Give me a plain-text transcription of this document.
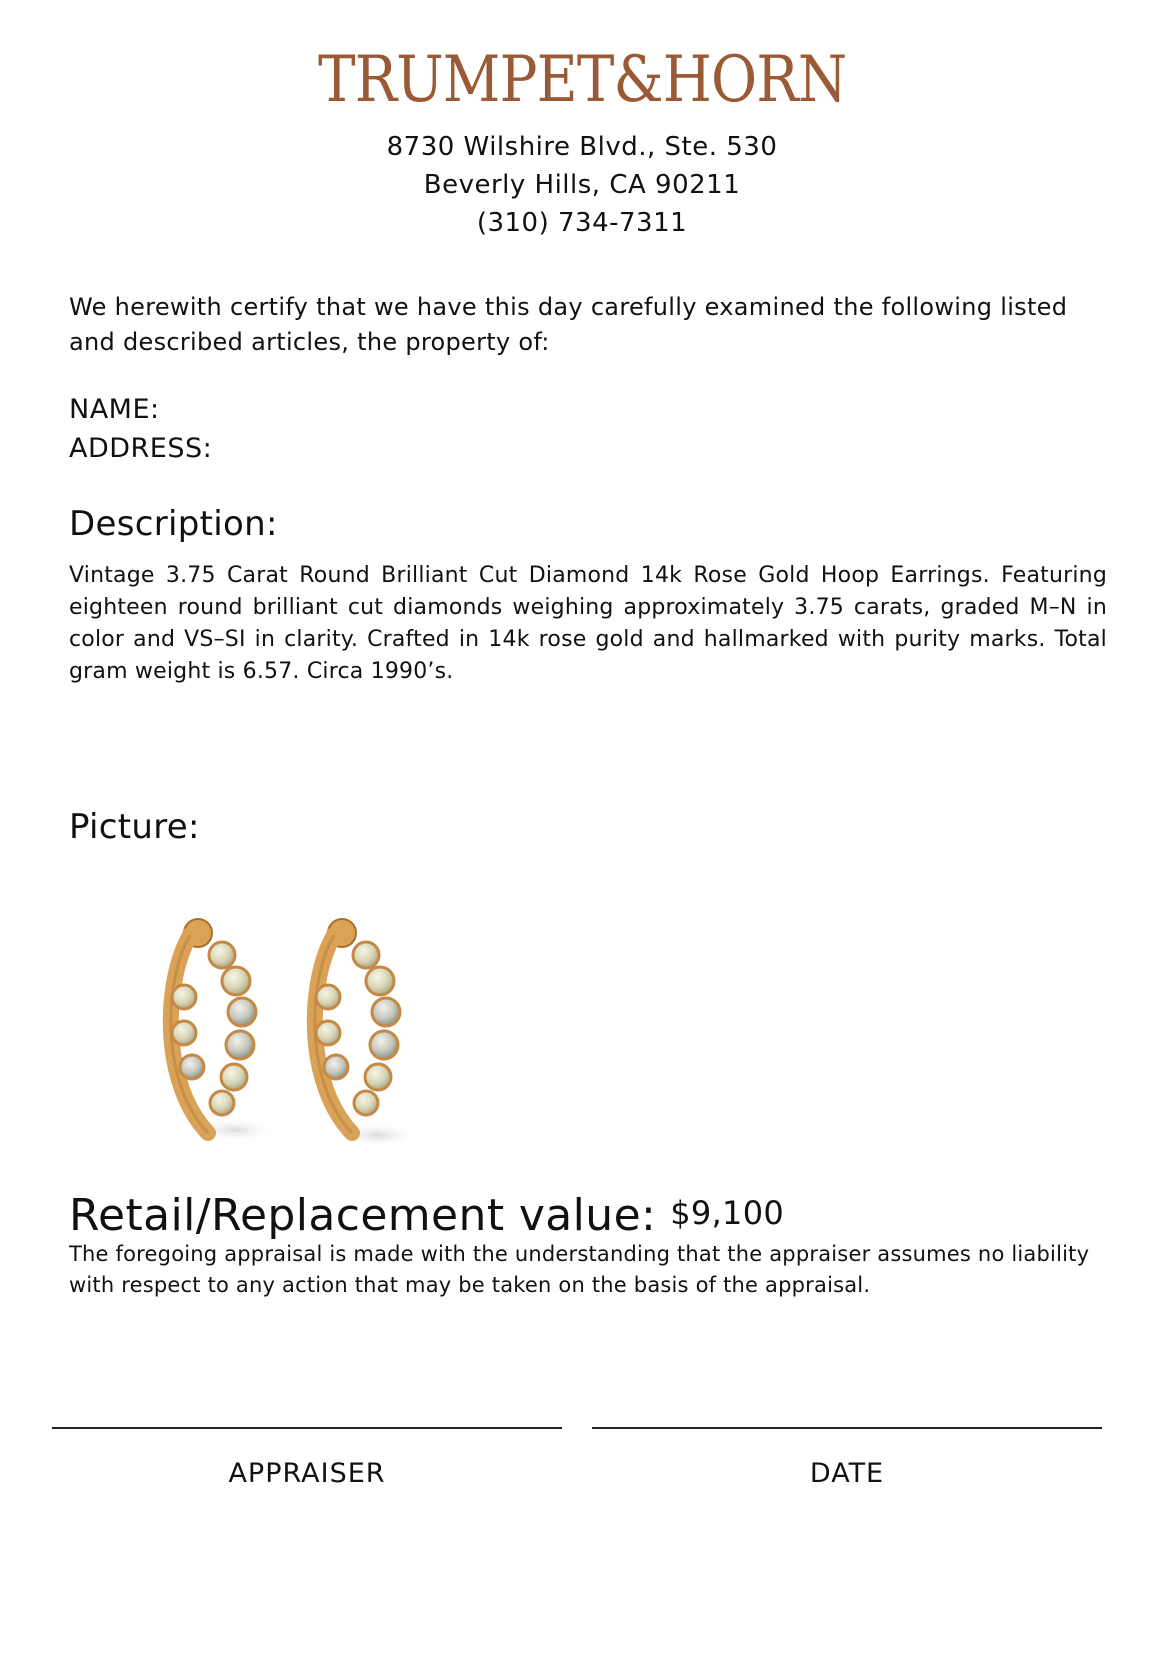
TRUMPET&HORN
8730 Wilshire Blvd., Ste. 530
Beverly Hills, CA 90211
(310) 734-7311
We herewith certify that we have this day carefully examined the following listed and described articles, the property of:
NAME:
ADDRESS:
Description:
Vintage 3.75 Carat Round Brilliant Cut Diamond 14k Rose Gold Hoop Earrings. Featuring eighteen round brilliant cut diamonds weighing approximately 3.75 carats, graded M–N in color and VS–SI in clarity. Crafted in 14k rose gold and hallmarked with purity marks. Total gram weight is 6.57. Circa 1990’s.
Picture:
Retail/Replacement value: $9,100
The foregoing appraisal is made with the understanding that the appraiser assumes no liability with respect to any action that may be taken on the basis of the appraisal.
APPRAISER	DATE
